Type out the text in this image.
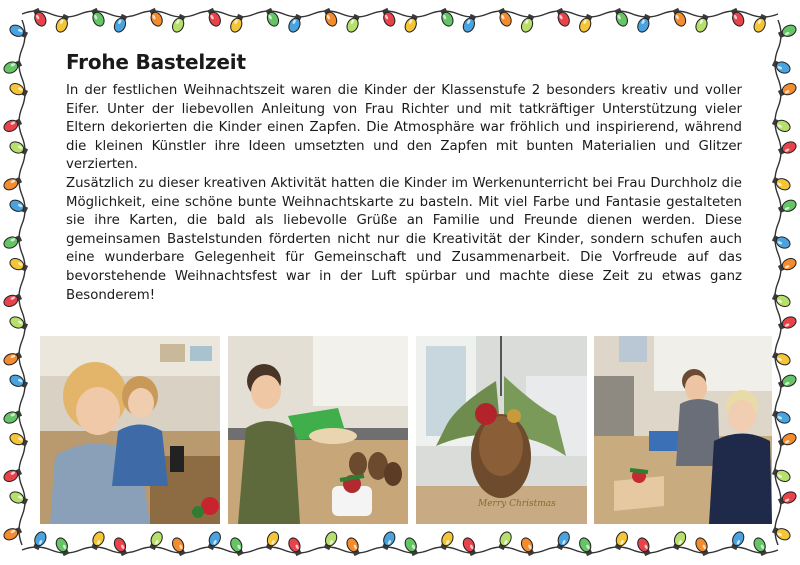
Frohe Bastelzeit

In der festlichen Weihnachtszeit waren die Kinder der Klassenstufe 2 besonders kreativ und voller Eifer. Unter der liebevollen Anleitung von Frau Richter und mit tatkräftiger Unterstützung vieler Eltern dekorierten die Kinder einen Zapfen. Die Atmosphäre war fröhlich und inspirierend, während die kleinen Künstler ihre Ideen umsetzten und den Zapfen mit bunten Materialien und Glitzer verzierten.

Zusätzlich zu dieser kreativen Aktivität hatten die Kinder im Werkenunterricht bei Frau Durchholz die Möglichkeit, eine schöne bunte Weihnachtskarte zu basteln. Mit viel Farbe und Fantasie gestalteten sie ihre Karten, die bald als liebevolle Grüße an Familie und Freunde dienen werden. Diese gemeinsamen Bastelstunden förderten nicht nur die Kreativität der Kinder, sondern schufen auch eine wunderbare Gelegenheit für Gemeinschaft und Zusammenarbeit. Die Vorfreude auf das bevorstehende Weihnachtsfest war in der Luft spürbar und machte diese Zeit zu etwas ganz Besonderem!

Merry Christmas
